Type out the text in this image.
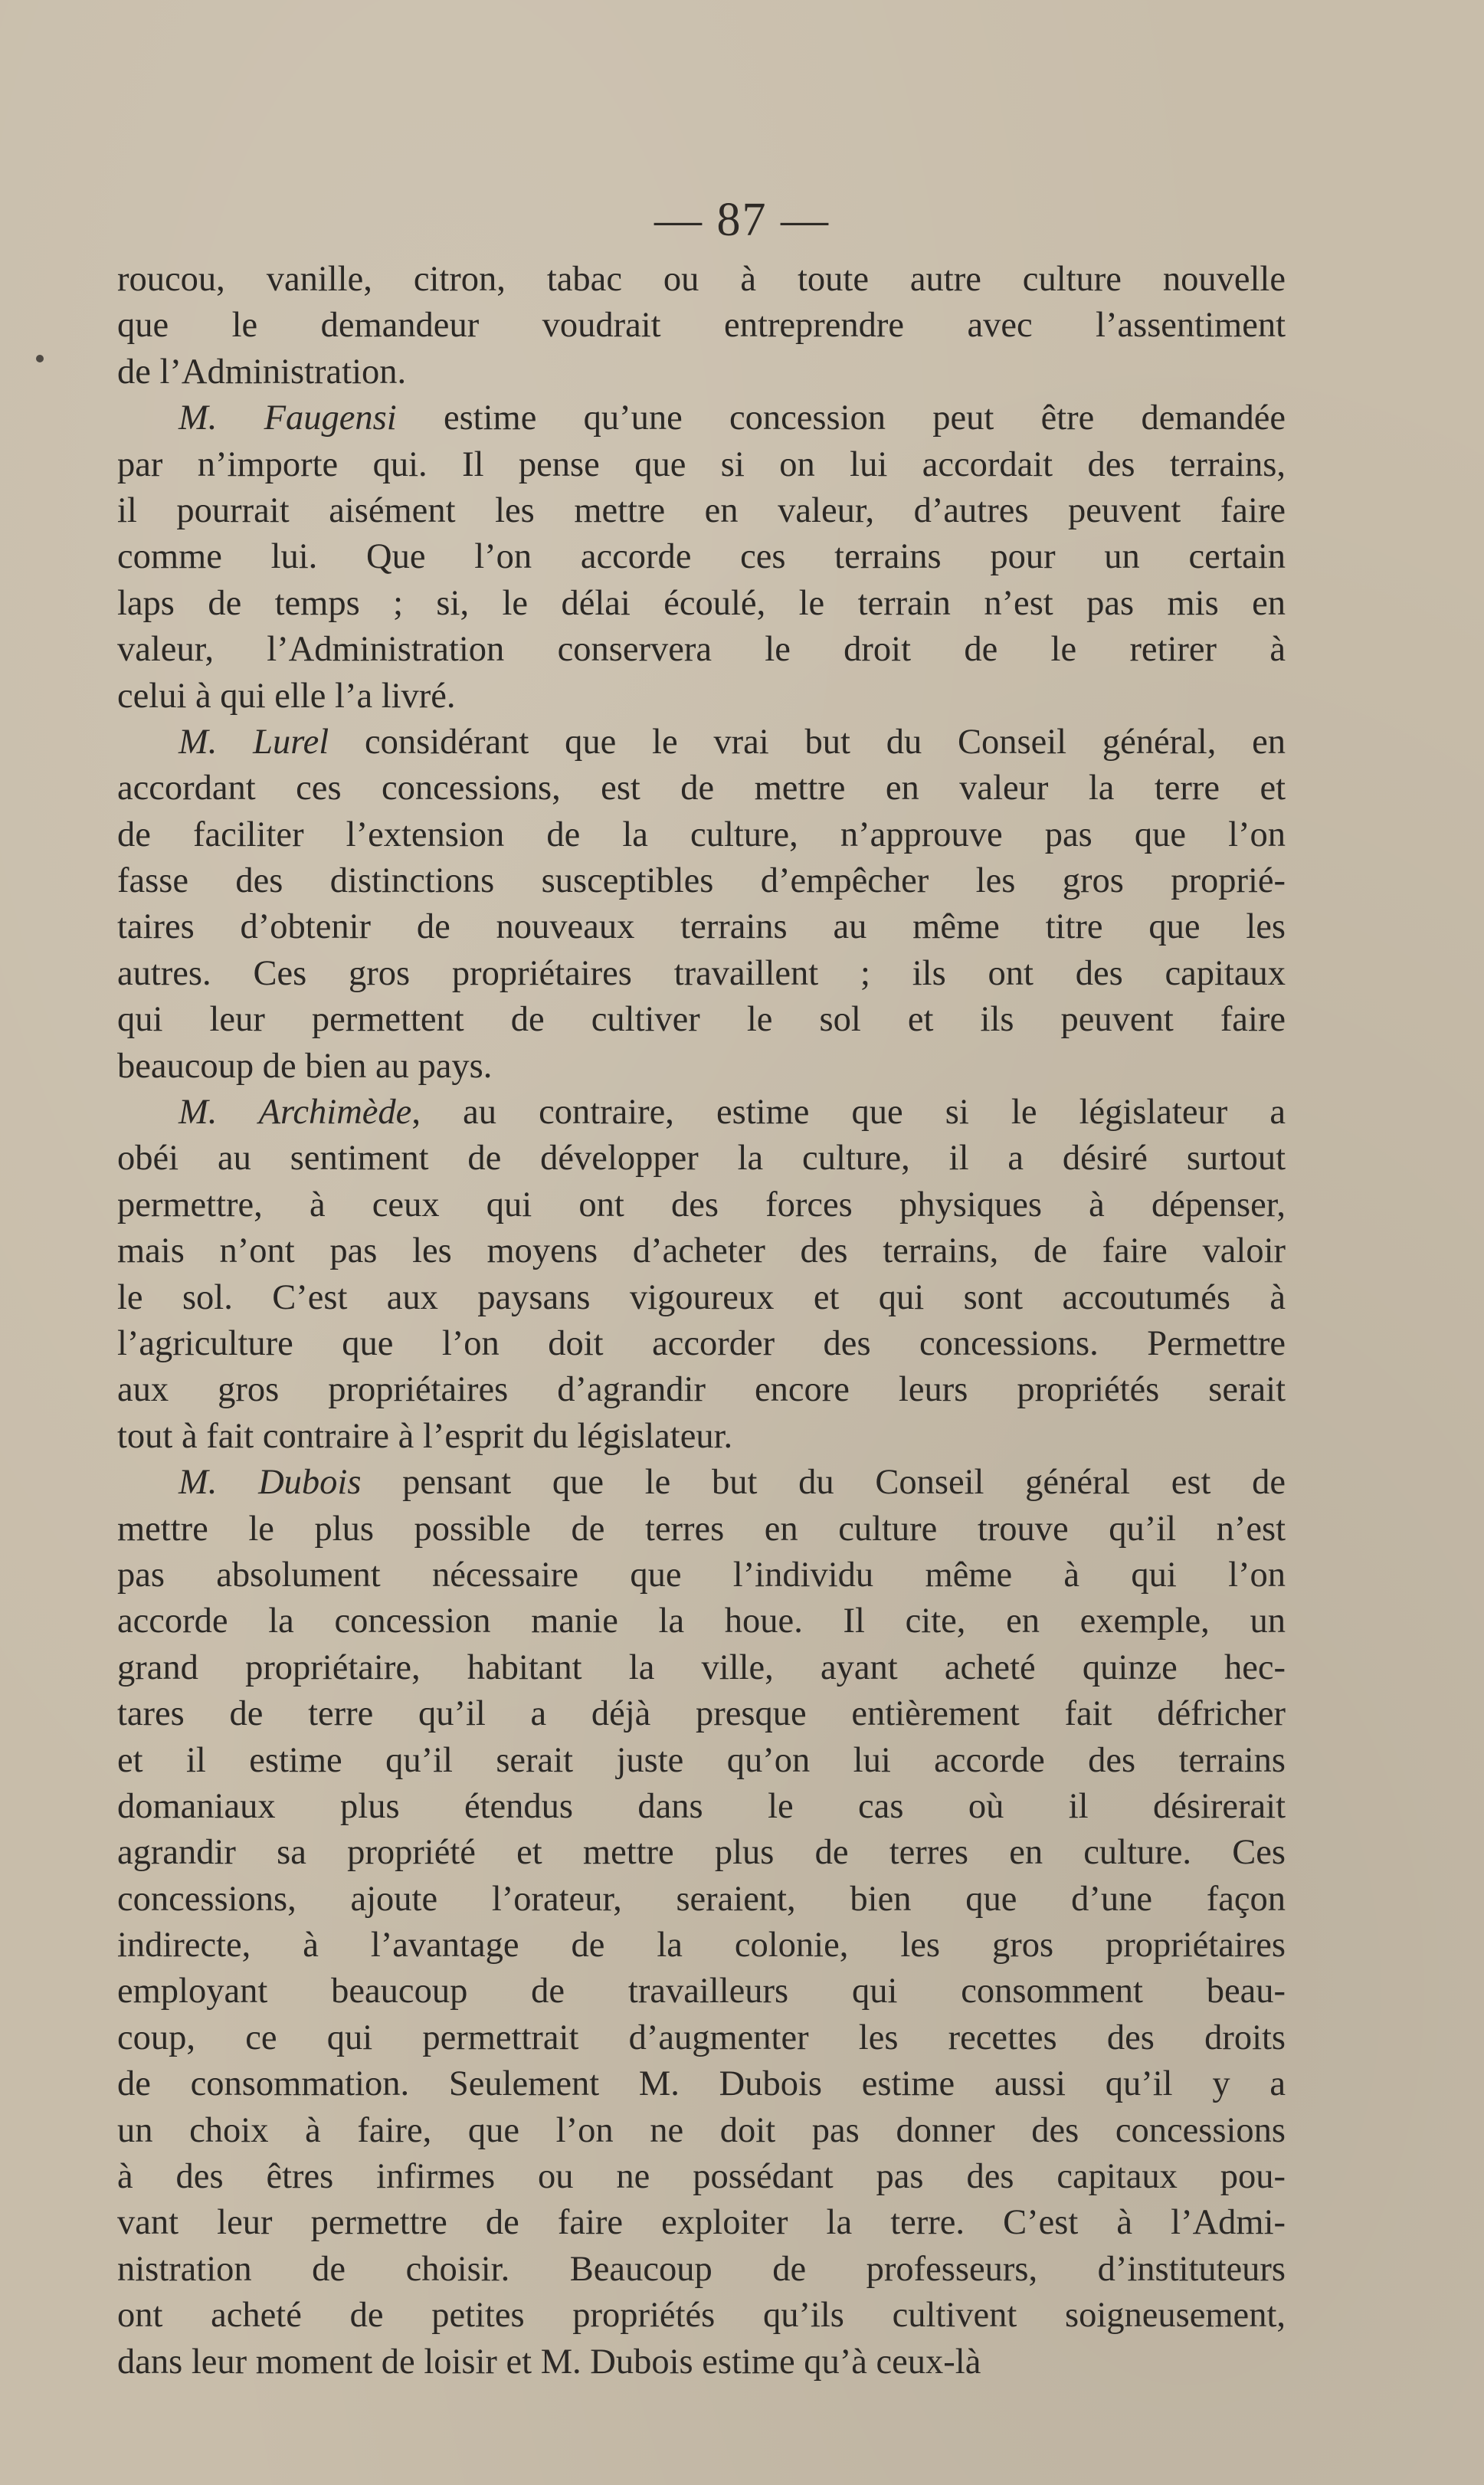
— 87 —
roucou, vanille, citron, tabac ou à toute autre culture nouvelle
que le demandeur voudrait entreprendre avec l’assentiment
de l’Administration.
M. Faugensi estime qu’une concession peut être demandée
par n’importe qui. Il pense que si on lui accordait des terrains,
il pourrait aisément les mettre en valeur, d’autres peuvent faire
comme lui. Que l’on accorde ces terrains pour un certain
laps de temps ; si, le délai écoulé, le terrain n’est pas mis en
valeur, l’Administration conservera le droit de le retirer à
celui à qui elle l’a livré.
M. Lurel considérant que le vrai but du Conseil général, en
accordant ces concessions, est de mettre en valeur la terre et
de faciliter l’extension de la culture, n’approuve pas que l’on
fasse des distinctions susceptibles d’empêcher les gros proprié-
taires d’obtenir de nouveaux terrains au même titre que les
autres. Ces gros propriétaires travaillent ; ils ont des capitaux
qui leur permettent de cultiver le sol et ils peuvent faire
beaucoup de bien au pays.
M. Archimède, au contraire, estime que si le législateur a
obéi au sentiment de développer la culture, il a désiré surtout
permettre, à ceux qui ont des forces physiques à dépenser,
mais n’ont pas les moyens d’acheter des terrains, de faire valoir
le sol. C’est aux paysans vigoureux et qui sont accoutumés à
l’agriculture que l’on doit accorder des concessions. Permettre
aux gros propriétaires d’agrandir encore leurs propriétés serait
tout à fait contraire à l’esprit du législateur.
M. Dubois pensant que le but du Conseil général est de
mettre le plus possible de terres en culture trouve qu’il n’est
pas absolument nécessaire que l’individu même à qui l’on
accorde la concession manie la houe. Il cite, en exemple, un
grand propriétaire, habitant la ville, ayant acheté quinze hec-
tares de terre qu’il a déjà presque entièrement fait défricher
et il estime qu’il serait juste qu’on lui accorde des terrains
domaniaux plus étendus dans le cas où il désirerait
agrandir sa propriété et mettre plus de terres en culture. Ces
concessions, ajoute l’orateur, seraient, bien que d’une façon
indirecte, à l’avantage de la colonie, les gros propriétaires
employant beaucoup de travailleurs qui consomment beau-
coup, ce qui permettrait d’augmenter les recettes des droits
de consommation. Seulement M. Dubois estime aussi qu’il y a
un choix à faire, que l’on ne doit pas donner des concessions
à des êtres infirmes ou ne possédant pas des capitaux pou-
vant leur permettre de faire exploiter la terre. C’est à l’Admi-
nistration de choisir. Beaucoup de professeurs, d’instituteurs
ont acheté de petites propriétés qu’ils cultivent soigneusement,
dans leur moment de loisir et M. Dubois estime qu’à ceux-là
